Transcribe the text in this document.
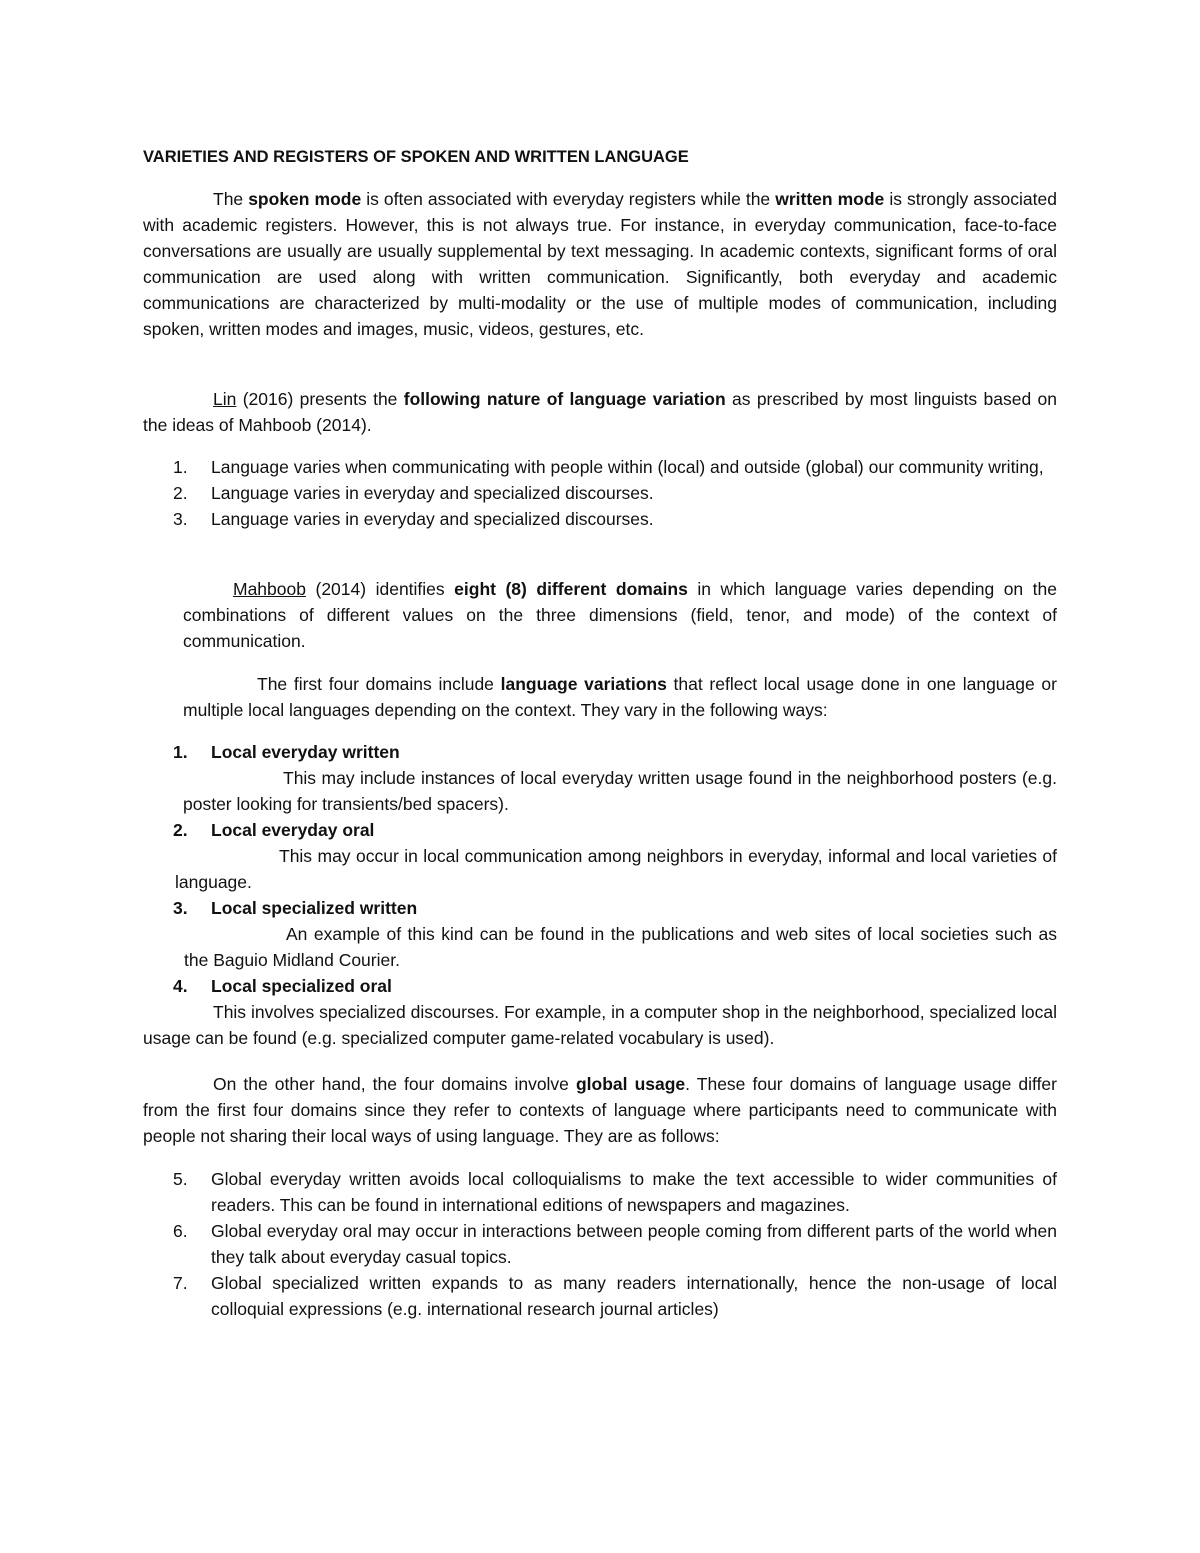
VARIETIES AND REGISTERS OF SPOKEN AND WRITTEN LANGUAGE

The spoken mode is often associated with everyday registers while the written mode is strongly associated with academic registers. However, this is not always true. For instance, in everyday communication, face-to-face conversations are usually are usually supplemental by text messaging. In academic contexts, significant forms of oral communication are used along with written communication. Significantly, both everyday and academic communications are characterized by multi-modality or the use of multiple modes of communication, including spoken, written modes and images, music, videos, gestures, etc.

Lin (2016) presents the following nature of language variation as prescribed by most linguists based on the ideas of Mahboob (2014).

1. Language varies when communicating with people within (local) and outside (global) our community writing,
2. Language varies in everyday and specialized discourses.
3. Language varies in everyday and specialized discourses.

Mahboob (2014) identifies eight (8) different domains in which language varies depending on the combinations of different values on the three dimensions (field, tenor, and mode) of the context of communication.

The first four domains include language variations that reflect local usage done in one language or multiple local languages depending on the context. They vary in the following ways:

1.	Local everyday written

This may include instances of local everyday written usage found in the neighborhood posters (e.g. poster looking for transients/bed spacers).

2.	Local everyday oral

This may occur in local communication among neighbors in everyday, informal and local varieties of language.

3.	Local specialized written

An example of this kind can be found in the publications and web sites of local societies such as the Baguio Midland Courier.

4.	Local specialized oral

This involves specialized discourses. For example, in a computer shop in the neighborhood, specialized local usage can be found (e.g. specialized computer game-related vocabulary is used).

On the other hand, the four domains involve global usage. These four domains of language usage differ from the first four domains since they refer to contexts of language where participants need to communicate with people not sharing their local ways of using language. They are as follows:

5. Global everyday written avoids local colloquialisms to make the text accessible to wider communities of readers. This can be found in international editions of newspapers and magazines.
6. Global everyday oral may occur in interactions between people coming from different parts of the world when they talk about everyday casual topics.
7. Global specialized written expands to as many readers internationally, hence the non-usage of local colloquial expressions (e.g. international research journal articles)
